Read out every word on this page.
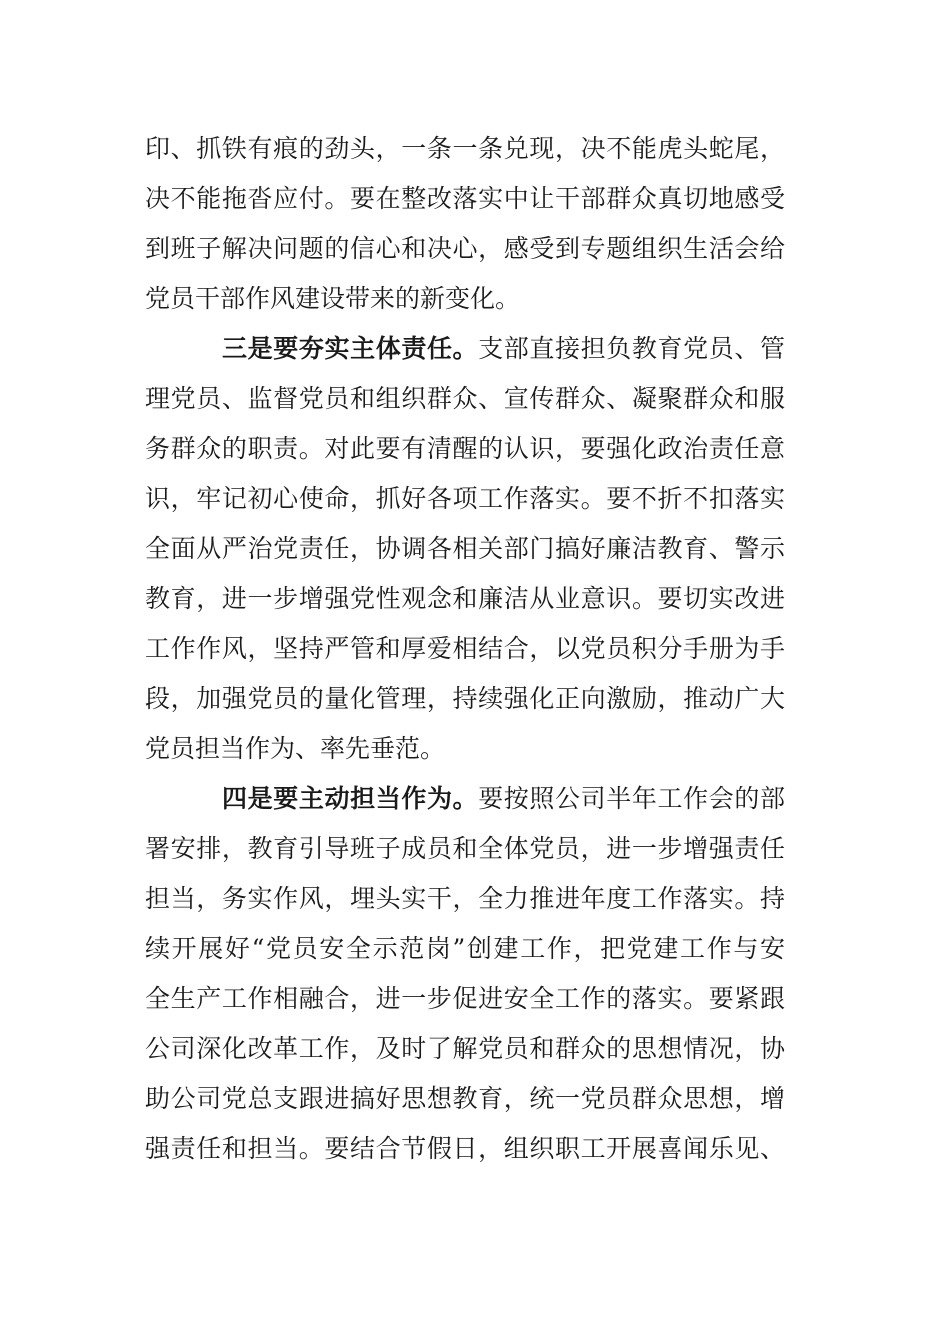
印、抓铁有痕的劲头，一条一条兑现，决不能虎头蛇尾，
决不能拖沓应付。要在整改落实中让干部群众真切地感受
到班子解决问题的信心和决心，感受到专题组织生活会给
党员干部作风建设带来的新变化。
三是要夯实主体责任。支部直接担负教育党员、管
理党员、监督党员和组织群众、宣传群众、凝聚群众和服
务群众的职责。对此要有清醒的认识，要强化政治责任意
识，牢记初心使命，抓好各项工作落实。要不折不扣落实
全面从严治党责任，协调各相关部门搞好廉洁教育、警示
教育，进一步增强党性观念和廉洁从业意识。要切实改进
工作作风，坚持严管和厚爱相结合，以党员积分手册为手
段，加强党员的量化管理，持续强化正向激励，推动广大
党员担当作为、率先垂范。
四是要主动担当作为。要按照公司半年工作会的部
署安排，教育引导班子成员和全体党员，进一步增强责任
担当，务实作风，埋头实干，全力推进年度工作落实。持
续开展好“党员安全示范岗”创建工作，把党建工作与安
全生产工作相融合，进一步促进安全工作的落实。要紧跟
公司深化改革工作，及时了解党员和群众的思想情况，协
助公司党总支跟进搞好思想教育，统一党员群众思想，增
强责任和担当。要结合节假日，组织职工开展喜闻乐见、
